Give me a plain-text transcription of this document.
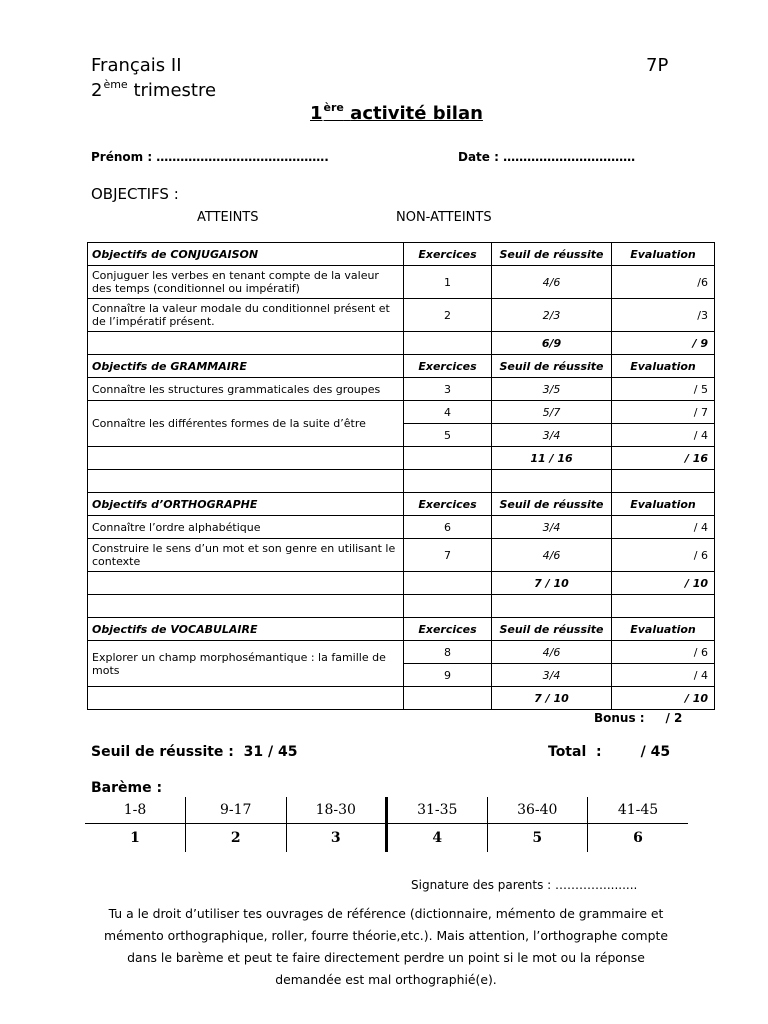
Français II	7P
2ème trimestre
1ère activité bilan
Prénom : …………………………………….	Date : ……………………………
OBJECTIFS :
ATTEINTS	NON-ATTEINTS
Objectifs de CONJUGAISON	Exercices	Seuil de réussite	Evaluation
Conjuguer les verbes en tenant compte de la valeur des temps (conditionnel ou impératif)	1	4/6	/6
Connaître la valeur modale du conditionnel présent et de l’impératif présent.	2	2/3	/3
		6/9	/ 9
Objectifs de GRAMMAIRE	Exercices	Seuil de réussite	Evaluation
Connaître les structures grammaticales des groupes	3	3/5	/ 5
Connaître les différentes formes de la suite d’être	4	5/7	/ 7
	5	3/4	/ 4
		11 / 16	/ 16

Objectifs d’ORTHOGRAPHE	Exercices	Seuil de réussite	Evaluation
Connaître l’ordre alphabétique	6	3/4	/ 4
Construire le sens d’un mot et son genre en utilisant le contexte	7	4/6	/ 6
		7 / 10	/ 10

Objectifs de VOCABULAIRE	Exercices	Seuil de réussite	Evaluation
Explorer un champ morphosémantique : la famille de mots	8	4/6	/ 6
	9	3/4	/ 4
		7 / 10	/ 10
Bonus :     / 2
Seuil de réussite :  31 / 45	Total  :        / 45
Barème :
1-8	9-17	18-30	31-35	36-40	41-45
1	2	3	4	5	6
Signature des parents : ………….........
Tu a le droit d’utiliser tes ouvrages de référence (dictionnaire, mémento de grammaire et
mémento orthographique, roller, fourre théorie,etc.). Mais attention, l’orthographe compte
dans le barème et peut te faire directement perdre un point si le mot ou la réponse
demandée est mal orthographié(e).
